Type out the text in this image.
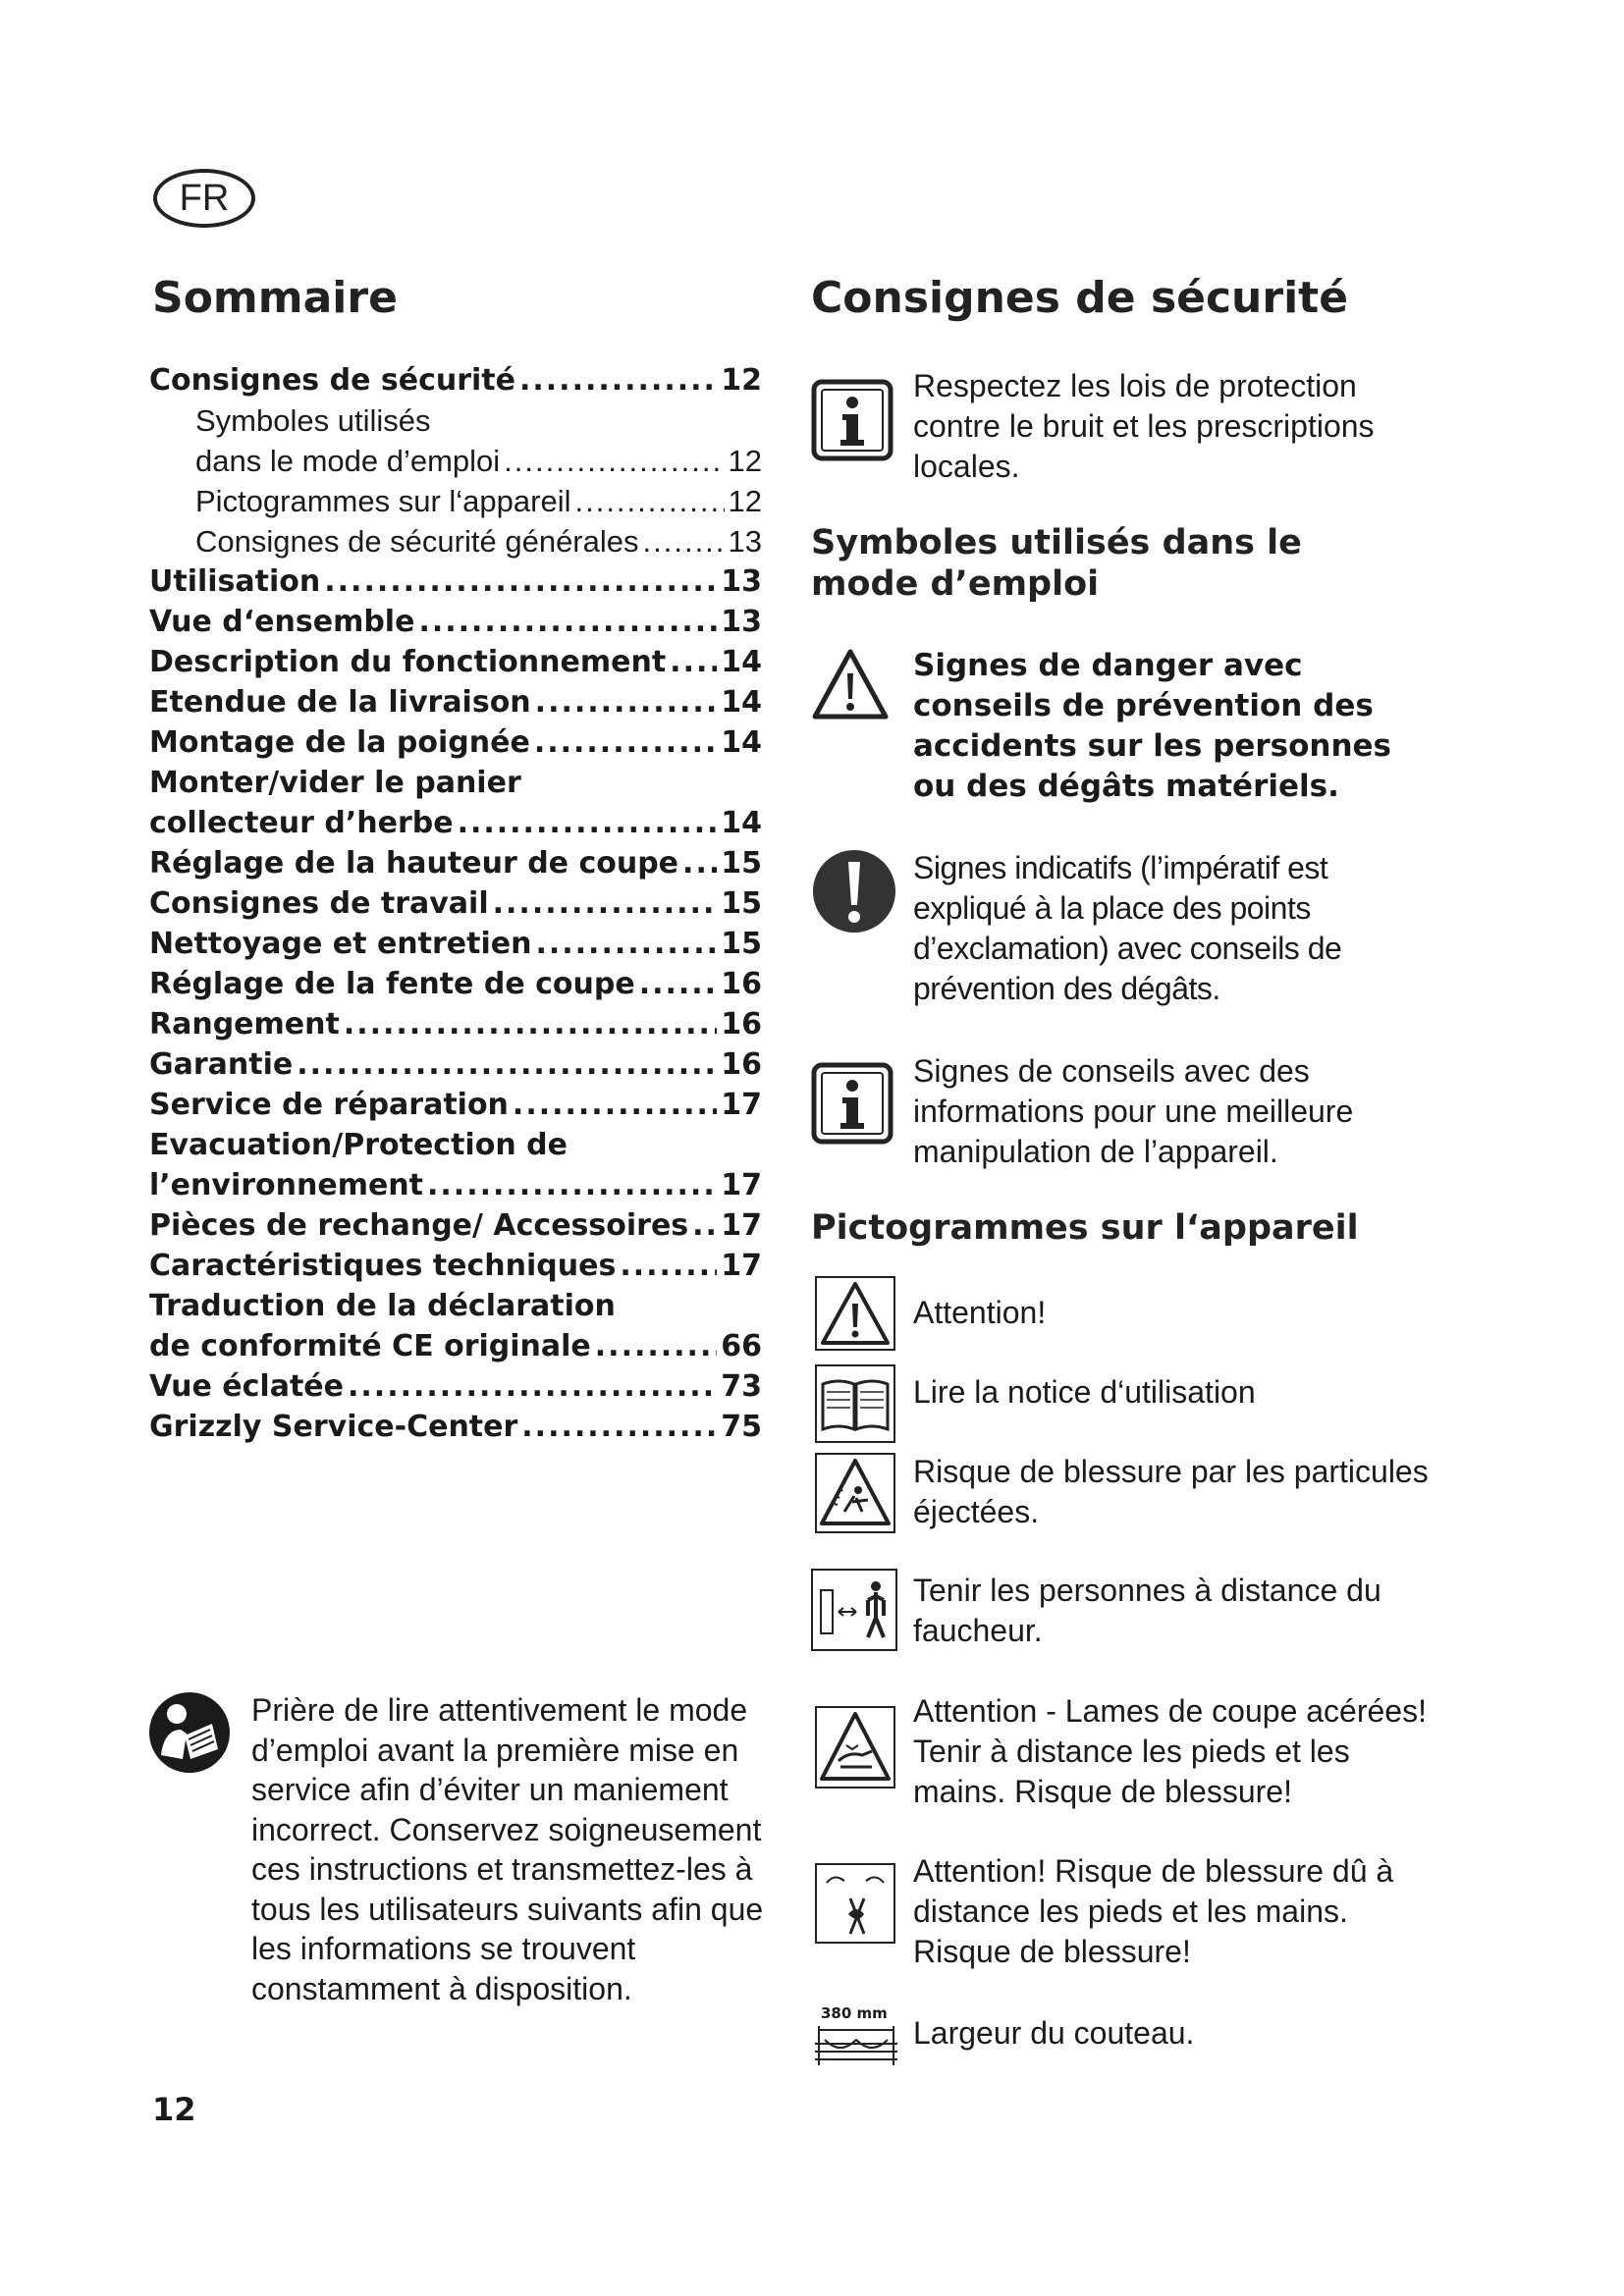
FR
Sommaire
Consignes de sécurité .....	12
Symboles utilisés
dans le mode d’emploi .....	12
Pictogrammes sur l‘appareil .....	12
Consignes de sécurité générales .....	13
Utilisation .....	13
Vue d‘ensemble .....	13
Description du fonctionnement ..... 14
Etendue de la livraison .....	14
Montage de la poignée .....	14
Monter/vider le panier
collecteur d’herbe .....	14
Réglage de la hauteur de coupe ..... 15
Consignes de travail .....	15
Nettoyage et entretien .....	15
Réglage de la fente de coupe .....	16
Rangement .....	16
Garantie .....	16
Service de réparation .....	17
Evacuation/Protection de
l’environnement .....	17
Pièces de rechange/ Accessoires ..... 17
Caractéristiques techniques .....	17
Traduction de la déclaration
de conformité CE originale .....	66
Vue éclatée .....	73
Grizzly Service-Center .....	75

Prière de lire attentivement le mode d’emploi avant la première mise en service afin d’éviter un maniement incorrect. Conservez soigneusement ces instructions et transmettez-les à tous les utilisateurs suivants afin que les informations se trouvent constamment à disposition.

12
Consignes de sécurité

Respectez les lois de protection contre le bruit et les prescriptions locales.

Symboles utilisés dans le mode d’emploi

Signes de danger avec conseils de prévention des accidents sur les personnes ou des dégâts matériels.

Signes indicatifs (l’impératif est expliqué à la place des points d’exclamation) avec conseils de prévention des dégâts.

Signes de conseils avec des informations pour une meilleure manipulation de l’appareil.

Pictogrammes sur l‘appareil

Attention!

Lire la notice d‘utilisation

Risque de blessure par les particules éjectées.

Tenir les personnes à distance du faucheur.

Attention - Lames de coupe acérées! Tenir à distance les pieds et les mains. Risque de blessure!

Attention! Risque de blessure dû à distance les pieds et les mains. Risque de blessure!

380 mm

Largeur du couteau.
